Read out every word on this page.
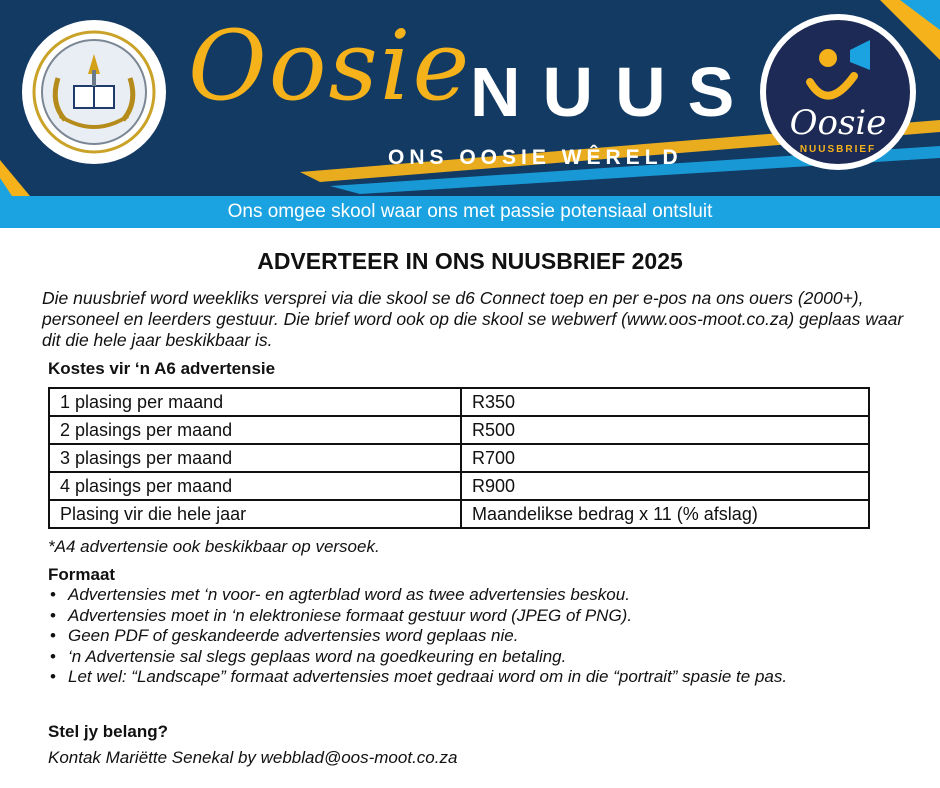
Oosie
NUUS
ONS OOSIE WÊRELD
Oosie
NUUSBRIEF
Ons omgee skool waar ons met passie potensiaal ontsluit
ADVERTEER IN ONS NUUSBRIEF 2025

Die nuusbrief word weekliks versprei via die skool se d6 Connect toep en per e-pos na ons ouers (2000+), personeel en leerders gestuur. Die brief word ook op die skool se webwerf (www.oos-moot.co.za) geplaas waar dit die hele jaar beskikbaar is.

Kostes vir ‘n A6 advertensie
1 plasing per maand	R350
2 plasings per maand	R500
3 plasings per maand	R700
4 plasings per maand	R900
Plasing vir die hele jaar	Maandelikse bedrag x 11 (% afslag)
*A4 advertensie ook beskikbaar op versoek.
Formaat
• Advertensies met ‘n voor- en agterblad word as twee advertensies beskou.
• Advertensies moet in ‘n elektroniese formaat gestuur word (JPEG of PNG).
• Geen PDF of geskandeerde advertensies word geplaas nie.
• ‘n Advertensie sal slegs geplaas word na goedkeuring en betaling.
• Let wel: “Landscape” formaat advertensies moet gedraai word om in die “portrait” spasie te pas.
Stel jy belang?
Kontak Mariëtte Senekal by webblad@oos-moot.co.za
